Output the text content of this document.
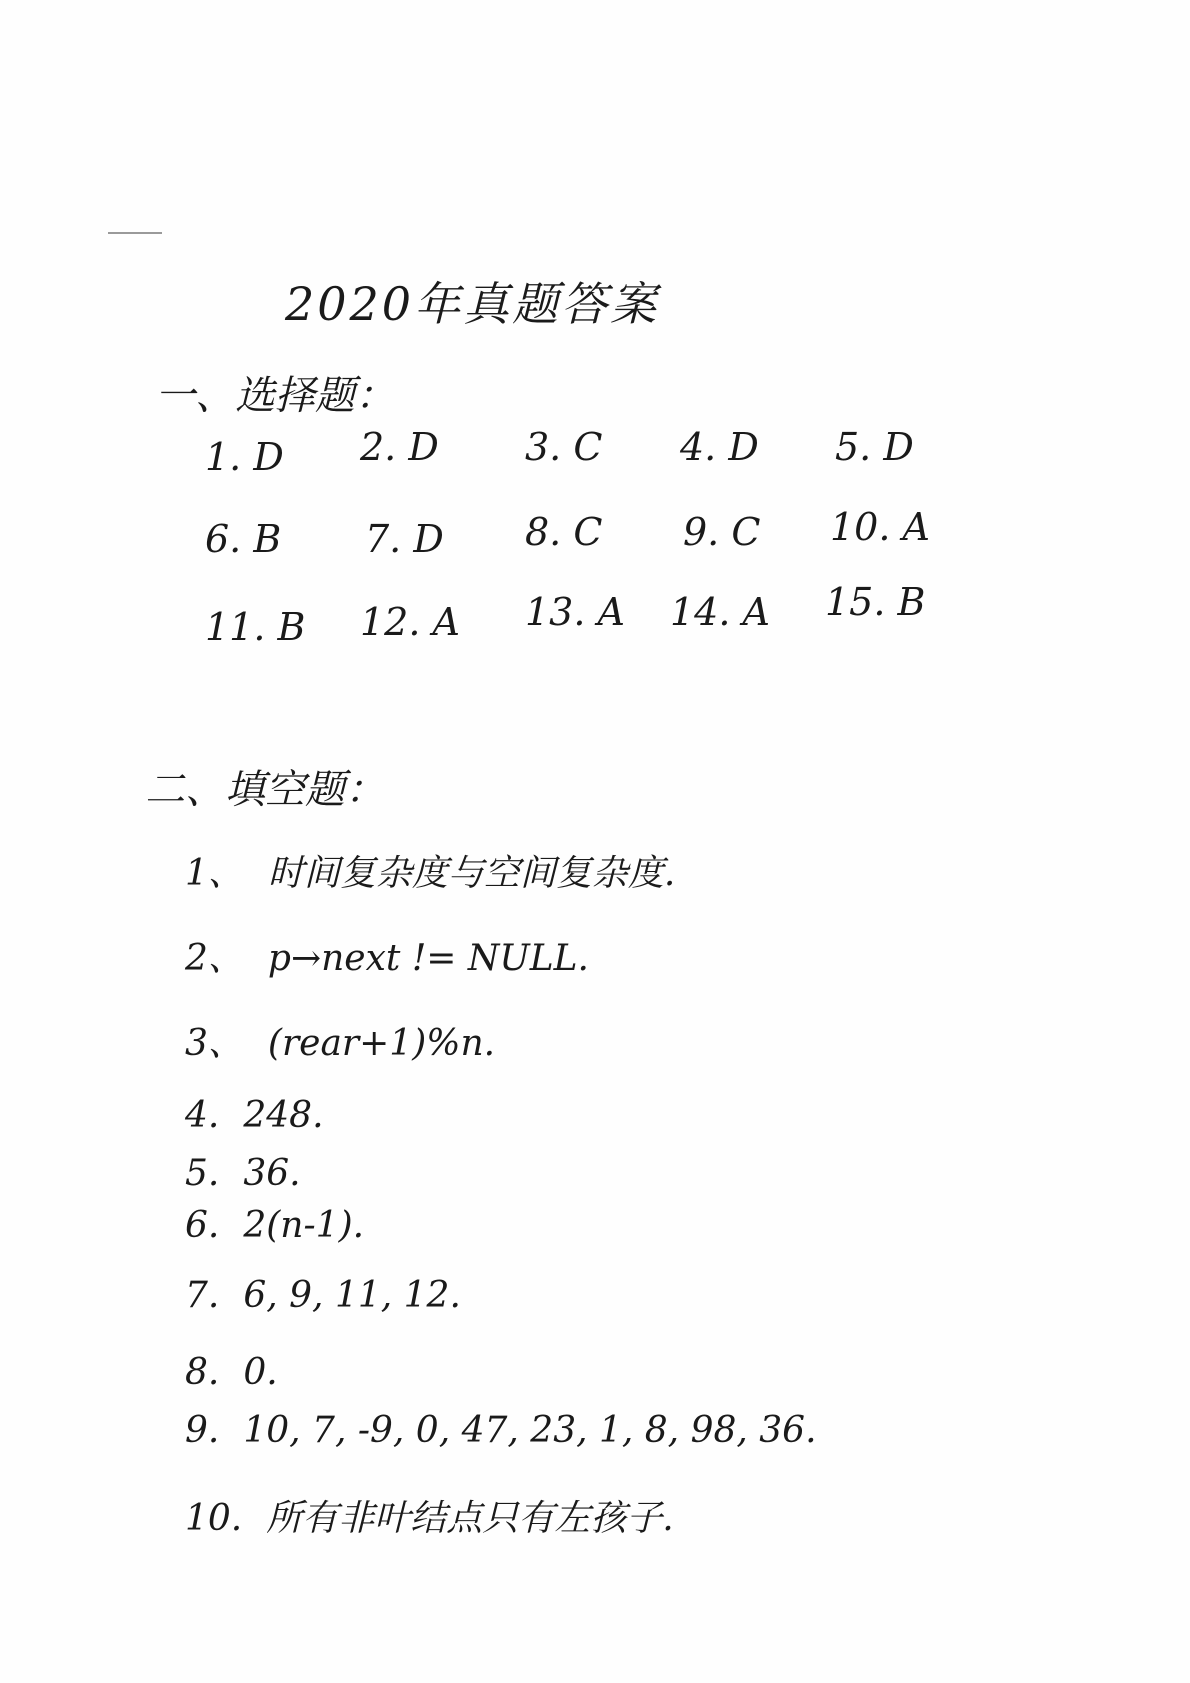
2020年真题答案
一、选择题：
1. D 2. D 3. C 4. D 5. D
6. B 7. D 8. C 9. C 10. A
11. B 12. A 13. A 14. A 15. B
二、填空题：
1、 时间复杂度与空间复杂度.
2、 p→next != NULL.
3、 (rear+1)%n.
4. 248.
5. 36.
6. 2(n-1).
7. 6, 9, 11, 12.
8. 0.
9. 10, 7, -9, 0, 47, 23, 1, 8, 98, 36.
10. 所有非叶结点只有左孩子.
